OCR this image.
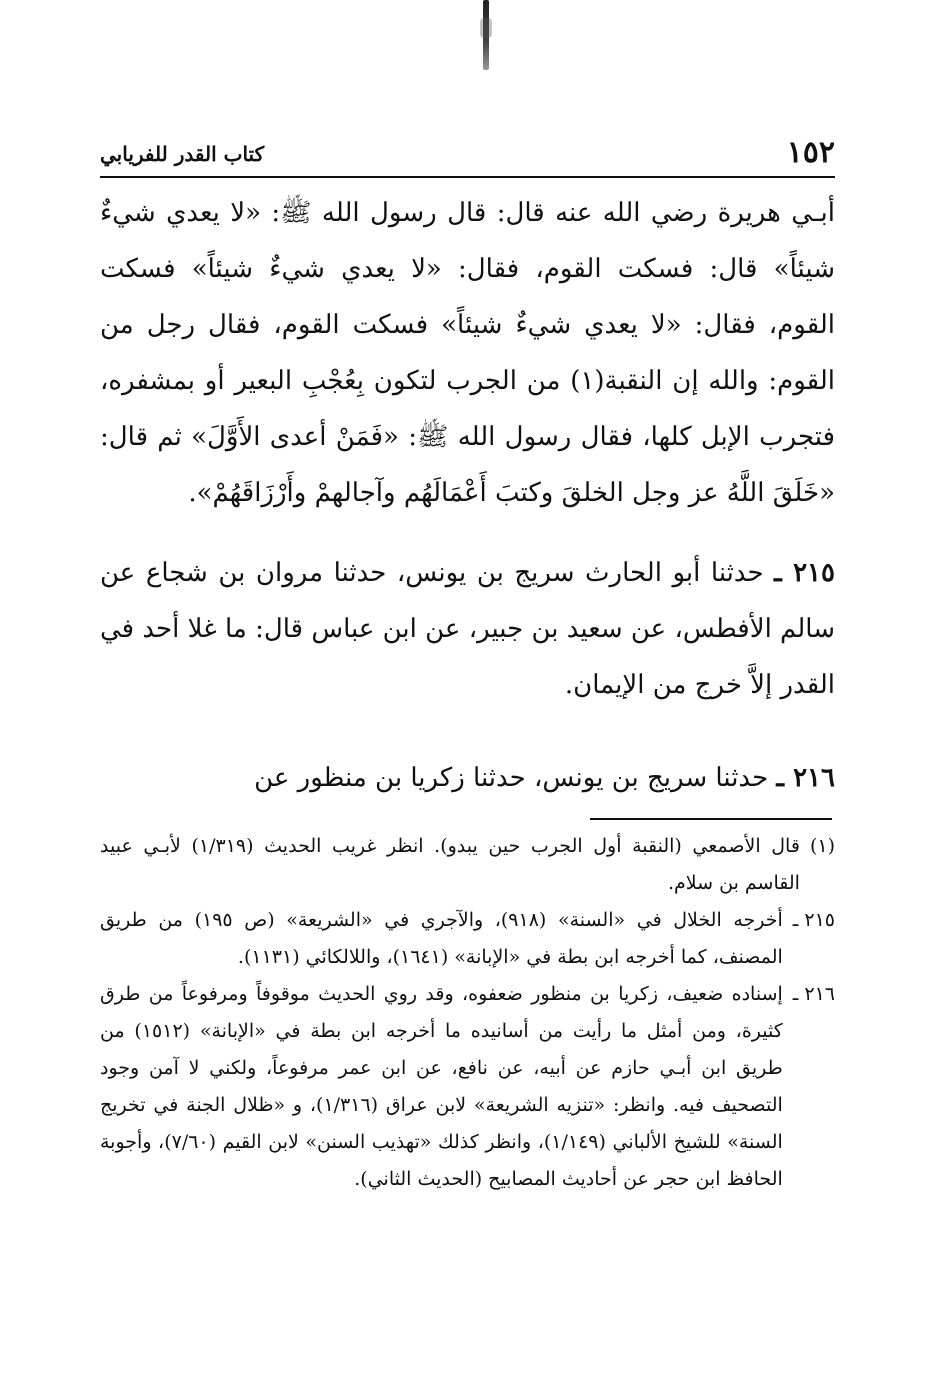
١٥٢
كتاب القدر للفريابي

أبـي هريرة رضي الله عنه قال: قال رسول الله ﷺ: «لا يعدي شيءٌ شيئاً» قال: فسكت القوم، فقال: «لا يعدي شيءٌ شيئاً» فسكت القوم، فقال: «لا يعدي شيءٌ شيئاً» فسكت القوم، فقال رجل من القوم: والله إن النقبة(١) من الجرب لتكون بِعُجْبِ البعير أو بمشفره، فتجرب الإبل كلها، فقال رسول الله ﷺ: «فَمَنْ أعدى الأَوَّلَ» ثم قال: «خَلَقَ اللَّهُ عز وجل الخلقَ وكتبَ أَعْمَالَهُم وآجالهمْ وأَرْزَاقَهُمْ».

٢١٥ ـ حدثنا أبو الحارث سريج بن يونس، حدثنا مروان بن شجاع عن سالم الأفطس، عن سعيد بن جبير، عن ابن عباس قال: ما غلا أحد في القدر إلاَّ خرج من الإيمان.

٢١٦ ـ حدثنا سريج بن يونس، حدثنا زكريا بن منظور عن

(١)
قال الأصمعي (النقبة أول الجرب حين يبدو). انظر غريب الحديث (١/٣١٩) لأبـي عبيد القاسم بن سلام.
٢١٥ ـ
أخرجه الخلال في «السنة» (٩١٨)، والآجري في «الشريعة» (ص ١٩٥) من طريق المصنف، كما أخرجه ابن بطة في «الإبانة» (١٦٤١)، واللالكائي (١١٣١).
٢١٦ ـ
إسناده ضعيف، زكريا بن منظور ضعفوه، وقد روي الحديث موقوفاً ومرفوعاً من طرق كثيرة، ومن أمثل ما رأيت من أسانيده ما أخرجه ابن بطة في «الإبانة» (١٥١٢) من طريق ابن أبـي حازم عن أبيه، عن نافع، عن ابن عمر مرفوعاً، ولكني لا آمن وجود التصحيف فيه. وانظر: «تنزيه الشريعة» لابن عراق (١/٣١٦)، و «ظلال الجنة في تخريج السنة» للشيخ الألباني (١/١٤٩)، وانظر كذلك «تهذيب السنن» لابن القيم (٧/٦٠)، وأجوبة الحافظ ابن حجر عن أحاديث المصابيح (الحديث الثاني).
